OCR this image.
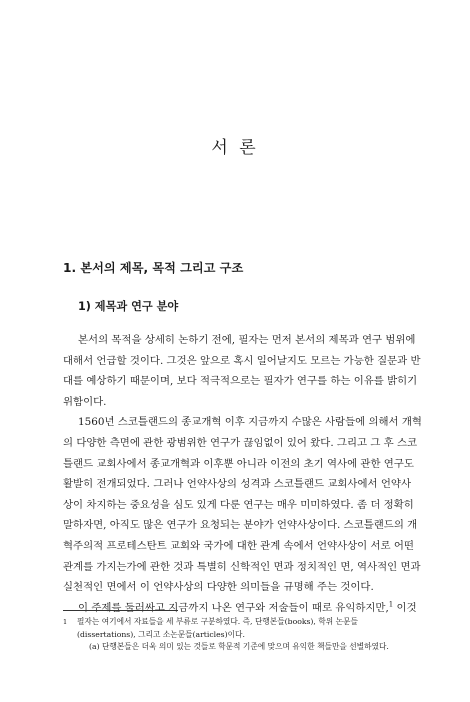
서 론
1. 본서의 제목, 목적 그리고 구조
1) 제목과 연구 분야
본서의 목적을 상세히 논하기 전에, 필자는 먼저 본서의 제목과 연구 범위에
대해서 언급할 것이다. 그것은 앞으로 혹시 일어날지도 모르는 가능한 질문과 반
대를 예상하기 때문이며, 보다 적극적으로는 필자가 연구를 하는 이유를 밝히기
위함이다.
1560년 스코틀랜드의 종교개혁 이후 지금까지 수많은 사람들에 의해서 개혁
의 다양한 측면에 관한 광범위한 연구가 끊임없이 있어 왔다. 그리고 그 후 스코
틀랜드 교회사에서 종교개혁과 이후뿐 아니라 이전의 초기 역사에 관한 연구도
활발히 전개되었다. 그러나 언약사상의 성격과 스코틀랜드 교회사에서 언약사
상이 차지하는 중요성을 심도 있게 다룬 연구는 매우 미미하였다. 좀 더 정확히
말하자면, 아직도 많은 연구가 요청되는 분야가 언약사상이다. 스코틀랜드의 개
혁주의적 프로테스탄트 교회와 국가에 대한 관계 속에서 언약사상이 서로 어떤
관계를 가지는가에 관한 것과 특별히 신학적인 면과 정치적인 면, 역사적인 면과
실천적인 면에서 이 언약사상의 다양한 의미들을 규명해 주는 것이다.
이 주제를 둘러싸고 지금까지 나온 연구와 저술들이 때로 유익하지만,$^1$ 이것
1 필자는 여기에서 자료들을 세 부류로 구분하였다. 즉, 단행본들(books), 학위 논문들
(dissertations), 그리고 소논문들(articles)이다.
(a) 단행본들은 더욱 의미 있는 것들로 학문적 기준에 맞으며 유익한 책들만을 선별하였다.
